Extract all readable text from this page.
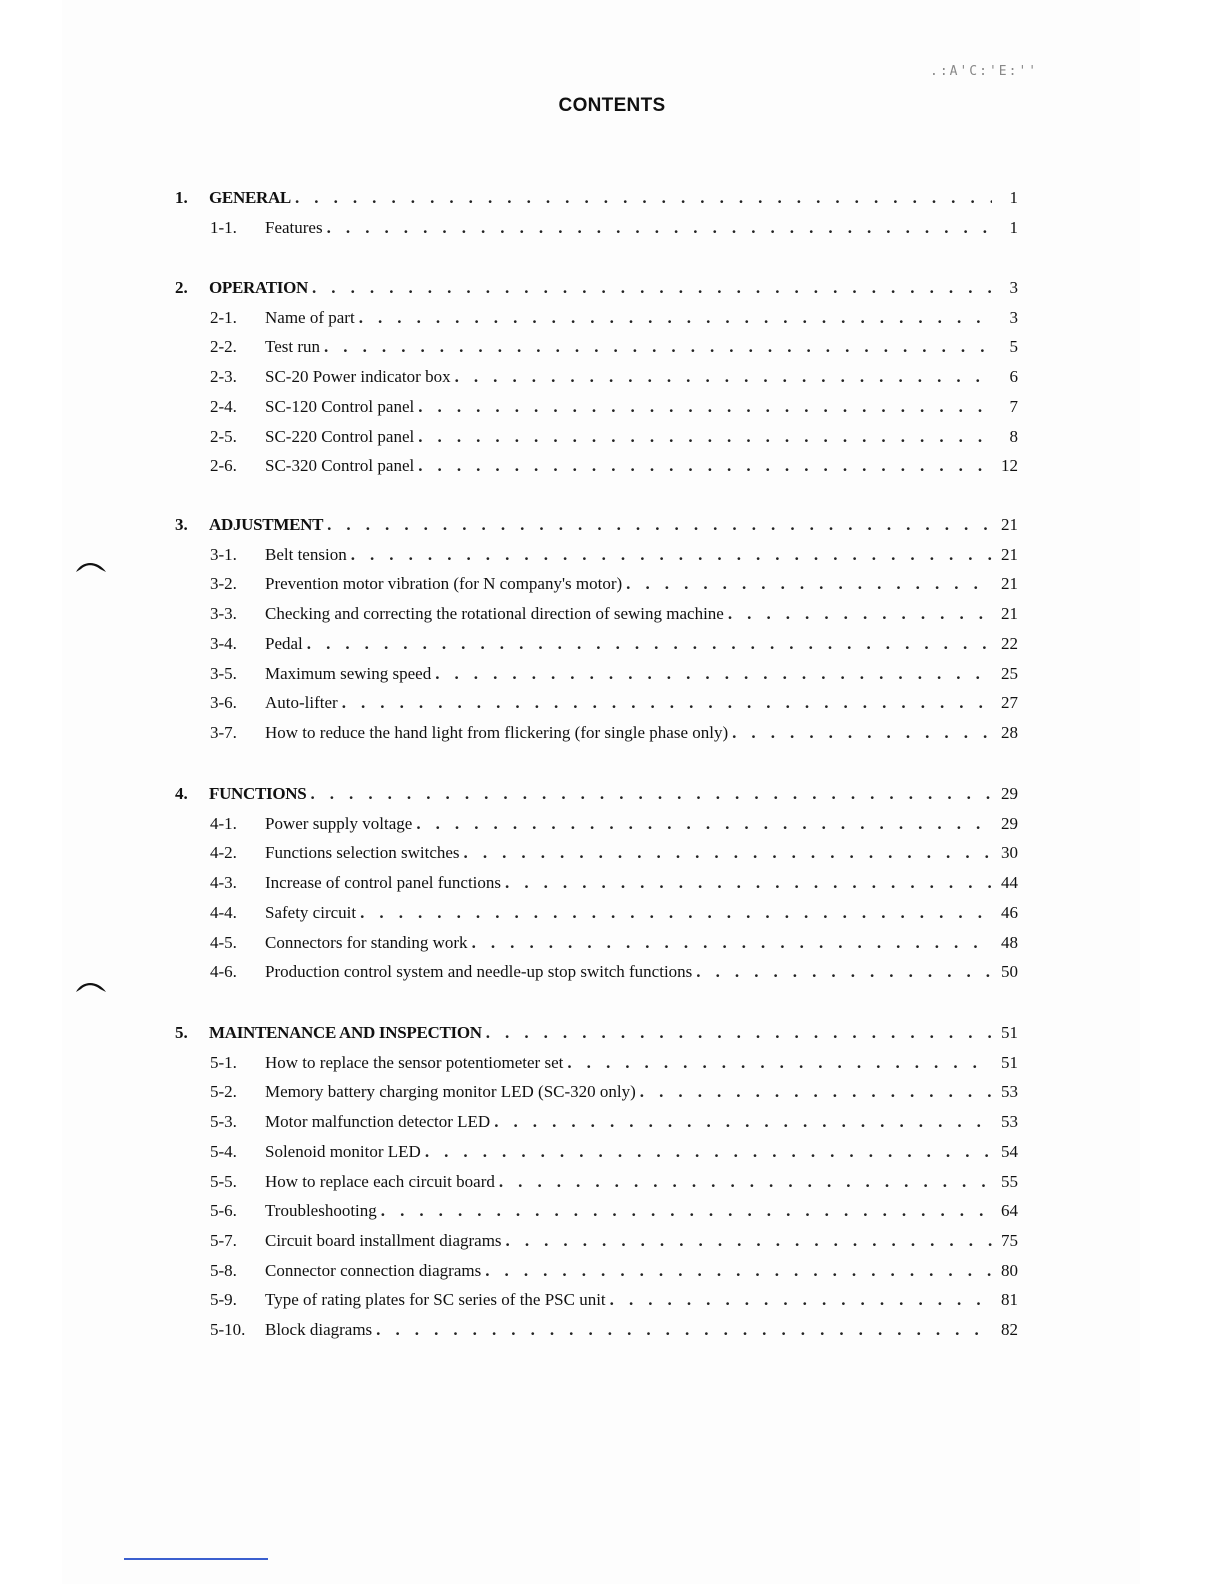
.:A'C:'E:''
CONTENTS
1.	GENERAL . . .	1
1-1.	Features . . .	1
2.	OPERATION . . .	3
2-1.	Name of part . . .	3
2-2.	Test run . . .	5
2-3.	SC-20 Power indicator box . . .	6
2-4.	SC-120 Control panel . . .	7
2-5.	SC-220 Control panel . . .	8
2-6.	SC-320 Control panel . . .	12
3.	ADJUSTMENT . . .	21
3-1.	Belt tension . . .	21
3-2.	Prevention motor vibration (for N company's motor) . . .	21
3-3.	Checking and correcting the rotational direction of sewing machine . . .	21
3-4.	Pedal . . .	22
3-5.	Maximum sewing speed . . .	25
3-6.	Auto-lifter . . .	27
3-7.	How to reduce the hand light from flickering (for single phase only) . . .	28
4.	FUNCTIONS . . .	29
4-1.	Power supply voltage . . .	29
4-2.	Functions selection switches . . .	30
4-3.	Increase of control panel functions . . .	44
4-4.	Safety circuit . . .	46
4-5.	Connectors for standing work . . .	48
4-6.	Production control system and needle-up stop switch functions . . .	50
5.	MAINTENANCE AND INSPECTION . . .	51
5-1.	How to replace the sensor potentiometer set . . .	51
5-2.	Memory battery charging monitor LED (SC-320 only) . . .	53
5-3.	Motor malfunction detector LED . . .	53
5-4.	Solenoid monitor LED . . .	54
5-5.	How to replace each circuit board . . .	55
5-6.	Troubleshooting . . .	64
5-7.	Circuit board installment diagrams . . .	75
5-8.	Connector connection diagrams . . .	80
5-9.	Type of rating plates for SC series of the PSC unit . . .	81
5-10.	Block diagrams . . .	82
